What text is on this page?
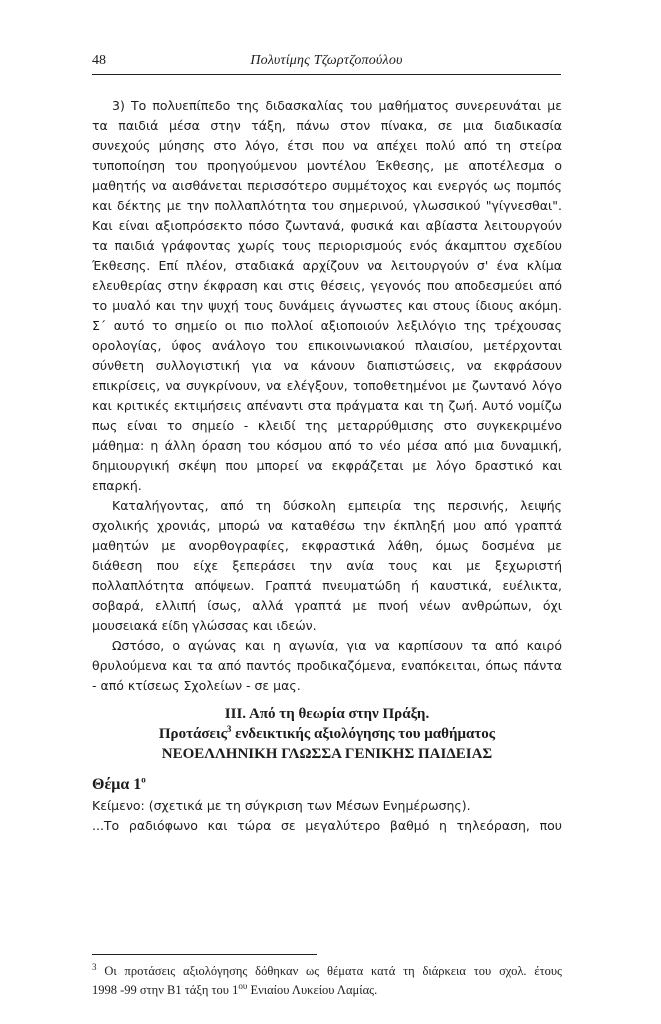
48	Πολυτίμης Τζωρτζοπούλου
3) Το πολυεπίπεδο της διδασκαλίας του μαθήματος συνερευνάται με
τα παιδιά μέσα στην τάξη, πάνω στον πίνακα, σε μια διαδικασία
συνεχούς μύησης στο λόγο, έτσι που να απέχει πολύ από τη στείρα
τυποποίηση του προηγούμενου μοντέλου Έκθεσης, με αποτέλεσμα ο
μαθητής να αισθάνεται περισσότερο συμμέτοχος και ενεργός ως πομπός
και δέκτης με την πολλαπλότητα του σημερινού, γλωσσικού "γίγνεσθαι".
Και είναι αξιοπρόσεκτο πόσο ζωντανά, φυσικά και αβίαστα λειτουργούν
τα παιδιά γράφοντας χωρίς τους περιορισμούς ενός άκαμπτου σχεδίου
Έκθεσης. Επί πλέον, σταδιακά αρχίζουν να λειτουργούν σ' ένα κλίμα
ελευθερίας στην έκφραση και στις θέσεις, γεγονός που αποδεσμεύει από
το μυαλό και την ψυχή τους δυνάμεις άγνωστες και στους ίδιους ακόμη.
Σ΄ αυτό το σημείο οι πιο πολλοί αξιοποιούν λεξιλόγιο της τρέχουσας
ορολογίας, ύφος ανάλογο του επικοινωνιακού πλαισίου, μετέρχονται
σύνθετη συλλογιστική για να κάνουν διαπιστώσεις, να εκφράσουν
επικρίσεις, να συγκρίνουν, να ελέγξουν, τοποθετημένοι με ζωντανό λόγο
και κριτικές εκτιμήσεις απέναντι στα πράγματα και τη ζωή. Αυτό νομίζω
πως είναι το σημείο - κλειδί της μεταρρύθμισης στο συγκεκριμένο
μάθημα: η άλλη όραση του κόσμου από το νέο μέσα από μια δυναμική,
δημιουργική σκέψη που μπορεί να εκφράζεται με λόγο δραστικό και
επαρκή.
Καταλήγοντας, από τη δύσκολη εμπειρία της περσινής, λειψής
σχολικής χρονιάς, μπορώ να καταθέσω την έκπληξή μου από γραπτά
μαθητών με ανορθογραφίες, εκφραστικά λάθη, όμως δοσμένα με
διάθεση που είχε ξεπεράσει την ανία τους και με ξεχωριστή
πολλαπλότητα απόψεων. Γραπτά πνευματώδη ή καυστικά, ευέλικτα,
σοβαρά, ελλιπή ίσως, αλλά γραπτά με πνοή νέων ανθρώπων, όχι
μουσειακά είδη γλώσσας και ιδεών.
Ωστόσο, ο αγώνας και η αγωνία, για να καρπίσουν τα από καιρό
θρυλούμενα και τα από παντός προδικαζόμενα, εναπόκειται, όπως πάντα
- από κτίσεως Σχολείων - σε μας.
ΙΙΙ. Από τη θεωρία στην Πράξη.
Προτάσεις$^3$ ενδεικτικής αξιολόγησης του μαθήματος
ΝΕΟΕΛΛΗΝΙΚΗ ΓΛΩΣΣΑ ΓΕΝΙΚΗΣ ΠΑΙΔΕΙΑΣ
Θέμα $1^o$
Κείμενο: (σχετικά με τη σύγκριση των Μέσων Ενημέρωσης).
...Το ραδιόφωνο και τώρα σε μεγαλύτερο βαθμό η τηλεόραση, που
$^3$ Οι προτάσεις αξιολόγησης δόθηκαν ως θέματα κατά τη διάρκεια του σχολ. έτους
1998 -99 στην Β1 τάξη του $1^{o\upsilon}$ Ενιαίου Λυκείου Λαμίας.
